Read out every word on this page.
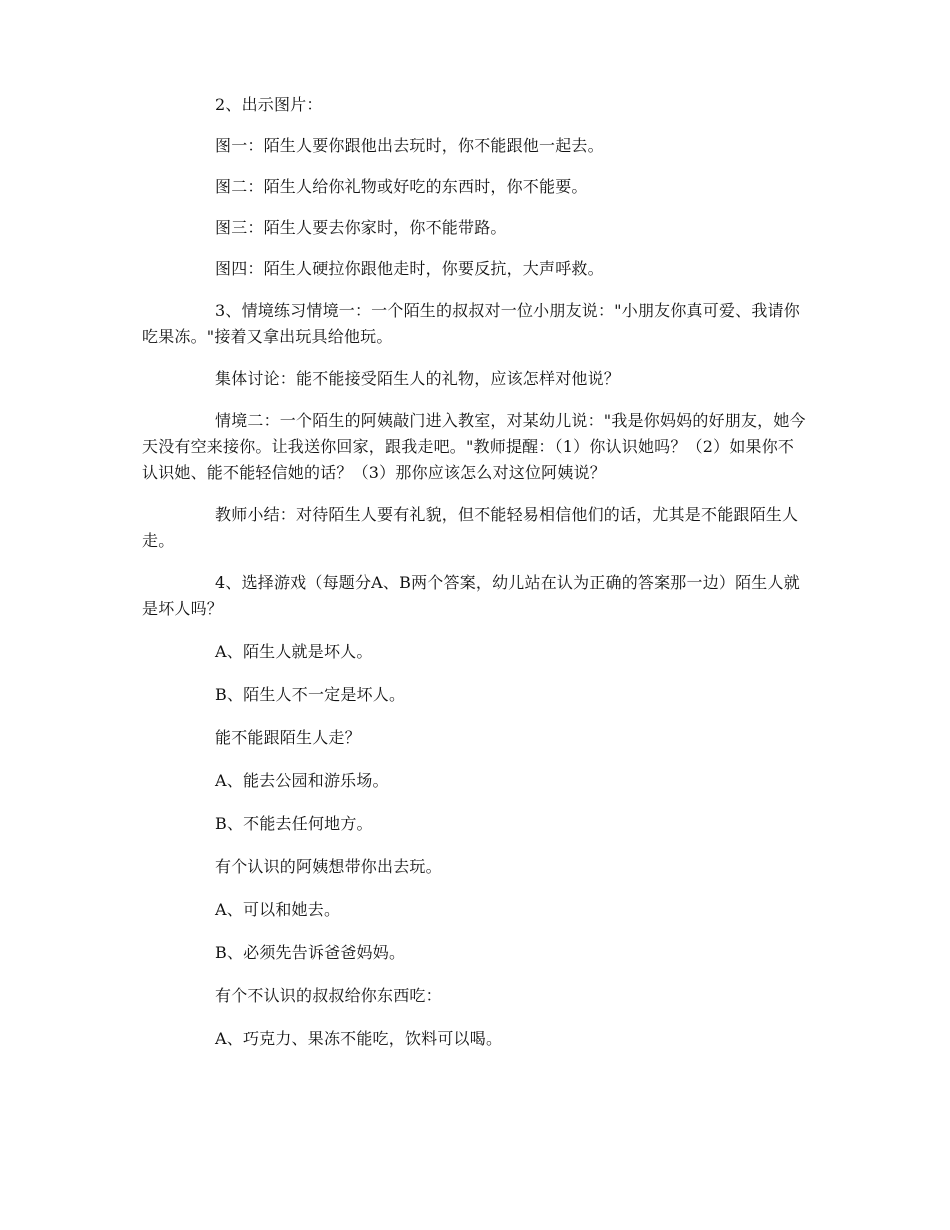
2、出示图片：

图一：陌生人要你跟他出去玩时，你不能跟他一起去。

图二：陌生人给你礼物或好吃的东西时，你不能要。

图三：陌生人要去你家时，你不能带路。

图四：陌生人硬拉你跟他走时，你要反抗，大声呼救。

3、情境练习情境一：一个陌生的叔叔对一位小朋友说："小朋友你真可爱、我请你吃果冻。"接着又拿出玩具给他玩。

集体讨论：能不能接受陌生人的礼物，应该怎样对他说？

情境二：一个陌生的阿姨敲门进入教室，对某幼儿说："我是你妈妈的好朋友，她今天没有空来接你。让我送你回家，跟我走吧。"教师提醒：（1）你认识她吗？（2）如果你不认识她、能不能轻信她的话？（3）那你应该怎么对这位阿姨说？

教师小结：对待陌生人要有礼貌，但不能轻易相信他们的话，尤其是不能跟陌生人走。

4、选择游戏（每题分A、B两个答案，幼儿站在认为正确的答案那一边）陌生人就是坏人吗？

A、陌生人就是坏人。

B、陌生人不一定是坏人。

能不能跟陌生人走？

A、能去公园和游乐场。

B、不能去任何地方。

有个认识的阿姨想带你出去玩。

A、可以和她去。

B、必须先告诉爸爸妈妈。

有个不认识的叔叔给你东西吃：

A、巧克力、果冻不能吃，饮料可以喝。
